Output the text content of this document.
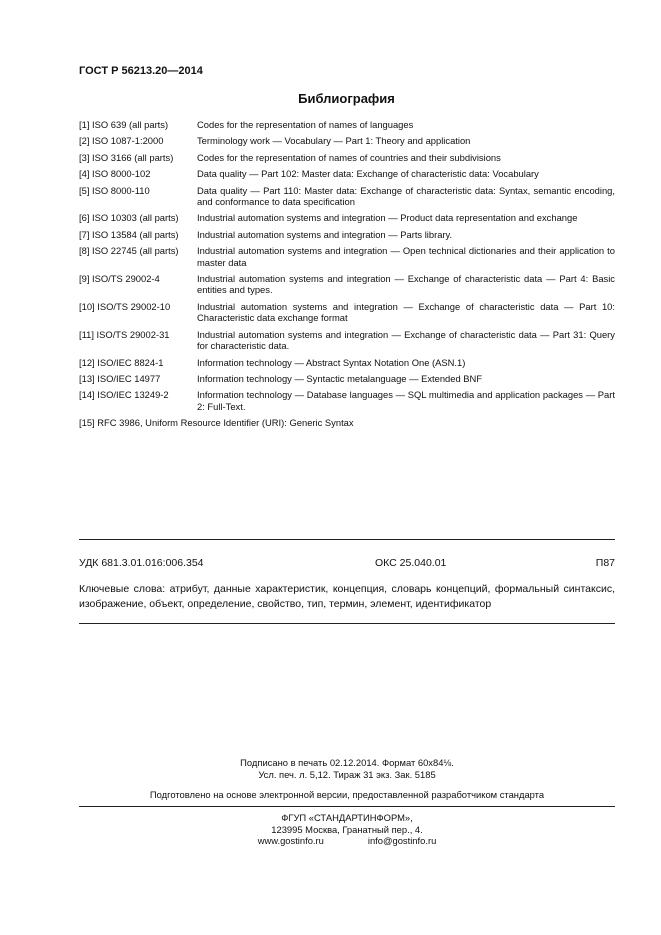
ГОСТ Р 56213.20—2014
Библиография
[1] ISO 639 (all parts)	Codes for the representation of names of languages
[2] ISO 1087-1:2000	Terminology work — Vocabulary — Part 1: Theory and application
[3] ISO 3166 (all parts)	Codes for the representation of names of countries and their subdivisions
[4] ISO 8000-102	Data quality — Part 102: Master data: Exchange of characteristic data: Vocabulary
[5] ISO 8000-110	Data quality — Part 110: Master data: Exchange of characteristic data: Syntax, semantic encoding, and conformance to data specification
[6] ISO 10303 (all parts)	Industrial automation systems and integration — Product data representation and exchange
[7] ISO 13584 (all parts)	Industrial automation systems and integration — Parts library.
[8] ISO 22745 (all parts)	Industrial automation systems and integration — Open technical dictionaries and their application to master data
[9] ISO/TS 29002-4	Industrial automation systems and integration — Exchange of characteristic data — Part 4: Basic entities and types.
[10] ISO/TS 29002-10	Industrial automation systems and integration — Exchange of characteristic data — Part 10: Characteristic data exchange format
[11] ISO/TS 29002-31	Industrial automation systems and integration — Exchange of characteristic data — Part 31: Query for characteristic data.
[12] ISO/IEC 8824-1	Information technology — Abstract Syntax Notation One (ASN.1)
[13] ISO/IEC 14977	Information technology — Syntactic metalanguage — Extended BNF
[14] ISO/IEC 13249-2	Information technology — Database languages — SQL multimedia and application packages — Part 2: Full-Text.
[15] RFC 3986, Uniform Resource Identifier (URI): Generic Syntax
УДК 681.3.01.016:006.354	ОКС 25.040.01	П87
Ключевые слова: атрибут, данные характеристик, концепция, словарь концепций, формальный синтаксис, изображение, объект, определение, свойство, тип, термин, элемент, идентификатор
Подписано в печать 02.12.2014. Формат 60x84⅛.
Усл. печ. л. 5,12. Тираж 31 экз. Зак. 5185
Подготовлено на основе электронной версии, предоставленной разработчиком стандарта
ФГУП «СТАНДАРТИНФОРМ»,
123995 Москва, Гранатный пер., 4.
www.gostinfo.ru	info@gostinfo.ru
